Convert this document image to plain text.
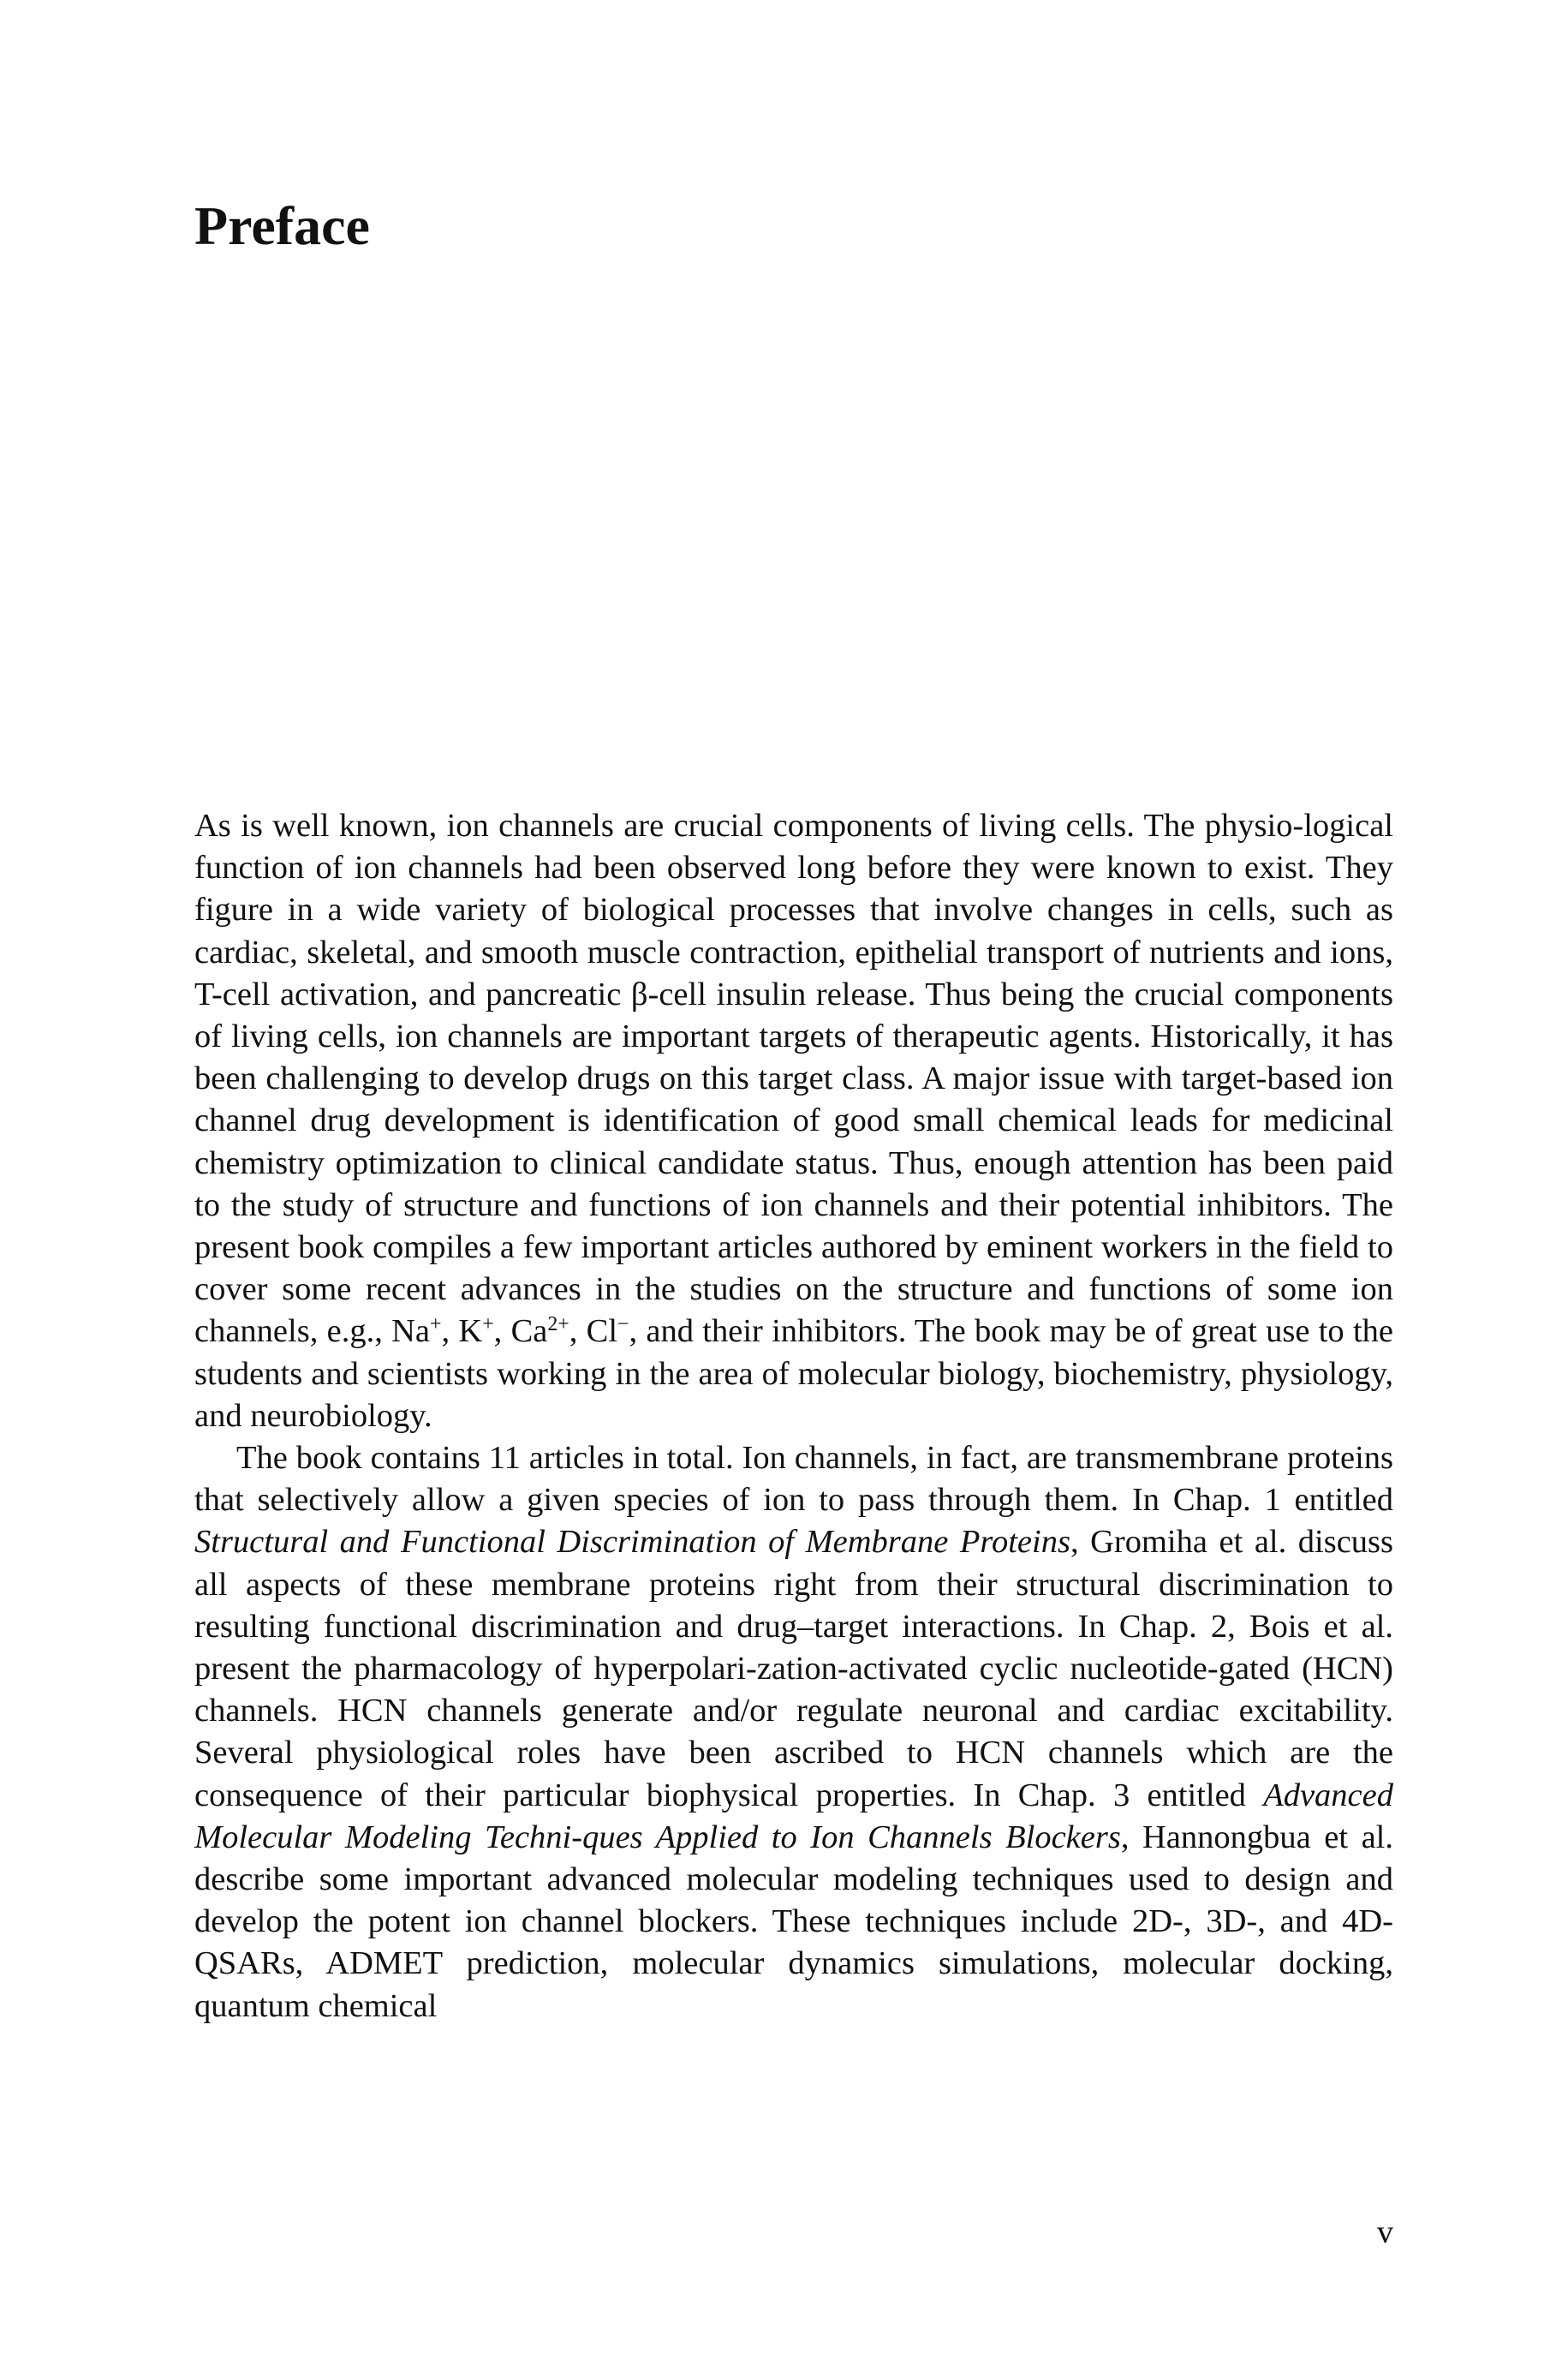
Preface

As is well known, ion channels are crucial components of living cells. The physio-logical function of ion channels had been observed long before they were known to exist. They figure in a wide variety of biological processes that involve changes in cells, such as cardiac, skeletal, and smooth muscle contraction, epithelial transport of nutrients and ions, T-cell activation, and pancreatic β-cell insulin release. Thus being the crucial components of living cells, ion channels are important targets of therapeutic agents. Historically, it has been challenging to develop drugs on this target class. A major issue with target-based ion channel drug development is identification of good small chemical leads for medicinal chemistry optimization to clinical candidate status. Thus, enough attention has been paid to the study of structure and functions of ion channels and their potential inhibitors. The present book compiles a few important articles authored by eminent workers in the field to cover some recent advances in the studies on the structure and functions of some ion channels, e.g., Na+, K+, $Ca^{2+}$, Cl−, and their inhibitors. The book may be of great use to the students and scientists working in the area of molecular biology, biochemistry, physiology, and neurobiology.

The book contains 11 articles in total. Ion channels, in fact, are transmembrane proteins that selectively allow a given species of ion to pass through them. In Chap. 1 entitled Structural and Functional Discrimination of Membrane Proteins, Gromiha et al. discuss all aspects of these membrane proteins right from their structural discrimination to resulting functional discrimination and drug–target interactions. In Chap. 2, Bois et al. present the pharmacology of hyperpolari-zation-activated cyclic nucleotide-gated (HCN) channels. HCN channels generate and/or regulate neuronal and cardiac excitability. Several physiological roles have been ascribed to HCN channels which are the consequence of their particular biophysical properties. In Chap. 3 entitled Advanced Molecular Modeling Techni-ques Applied to Ion Channels Blockers, Hannongbua et al. describe some important advanced molecular modeling techniques used to design and develop the potent ion channel blockers. These techniques include 2D-, 3D-, and 4D-QSARs, ADMET prediction, molecular dynamics simulations, molecular docking, quantum chemical

v
